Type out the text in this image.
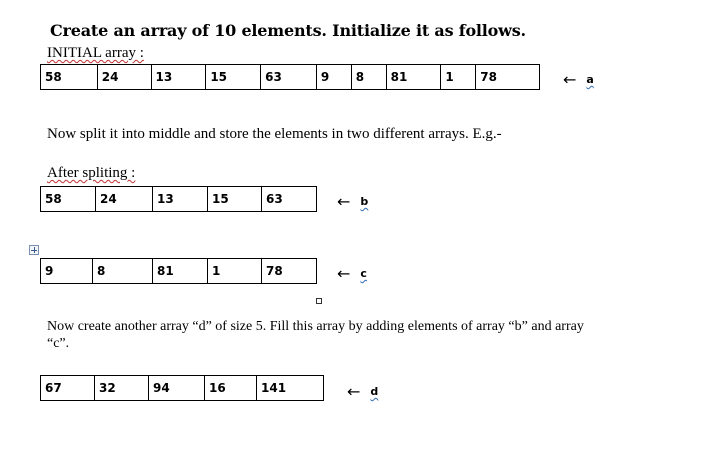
Create an array of 10 elements. Initialize it as follows.
INITIAL array :
58	24	13	15	63	9	8	81	1	78	← a
Now split it into middle and store the elements in two different arrays. E.g.-
After spliting :
58	24	13	15	63	← b
9	8	81	1	78	← c
Now create another array “d” of size 5. Fill this array by adding elements of array “b” and array
“c”.
67	32	94	16	141	← d
